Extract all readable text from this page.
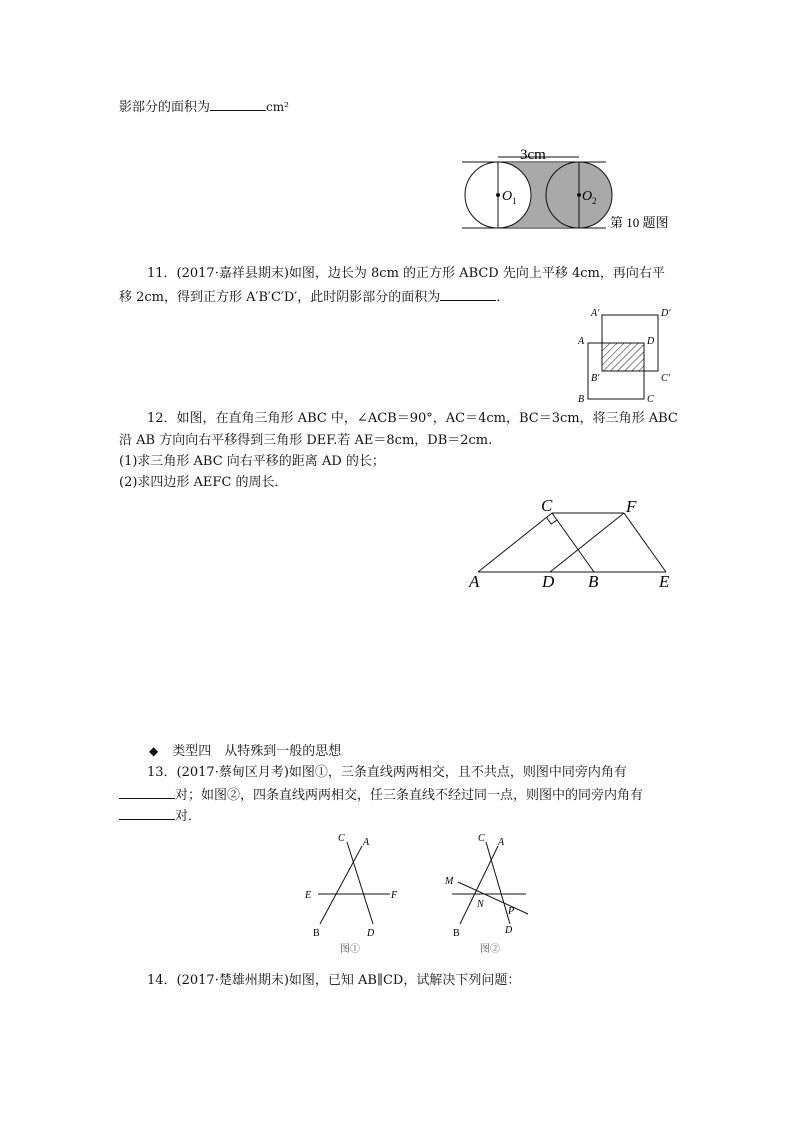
影部分的面积为	cm²
3cm
$O_1$	$O_2$
第 10 题图
11．(2017·嘉祥县期末)如图，边长为 8cm 的正方形 ABCD 先向上平移 4cm，再向右平
移 2cm，得到正方形 A′B′C′D′，此时阴影部分的面积为	．
A′	D′
A	D
B′	C′
B	C
12．如图，在直角三角形 ABC 中，∠ACB＝90°，AC＝4cm，BC＝3cm，将三角形 ABC
沿 AB 方向向右平移得到三角形 DEF.若 AE＝8cm，DB＝2cm.
(1)求三角形 ABC 向右平移的距离 AD 的长；
(2)求四边形 AEFC 的周长．
C	F
A	D B	E
◆ 类型四　从特殊到一般的思想
13．(2017·蔡甸区月考)如图①，三条直线两两相交，且不共点，则图中同旁内角有
对；如图②，四条直线两两相交，任三条直线不经过同一点，则图中的同旁内角有
对．
C A
E	F
B	D
图①
C A
M
N
P
B	D
图②
14．(2017·楚雄州期末)如图，已知 AB∥CD，试解决下列问题：
